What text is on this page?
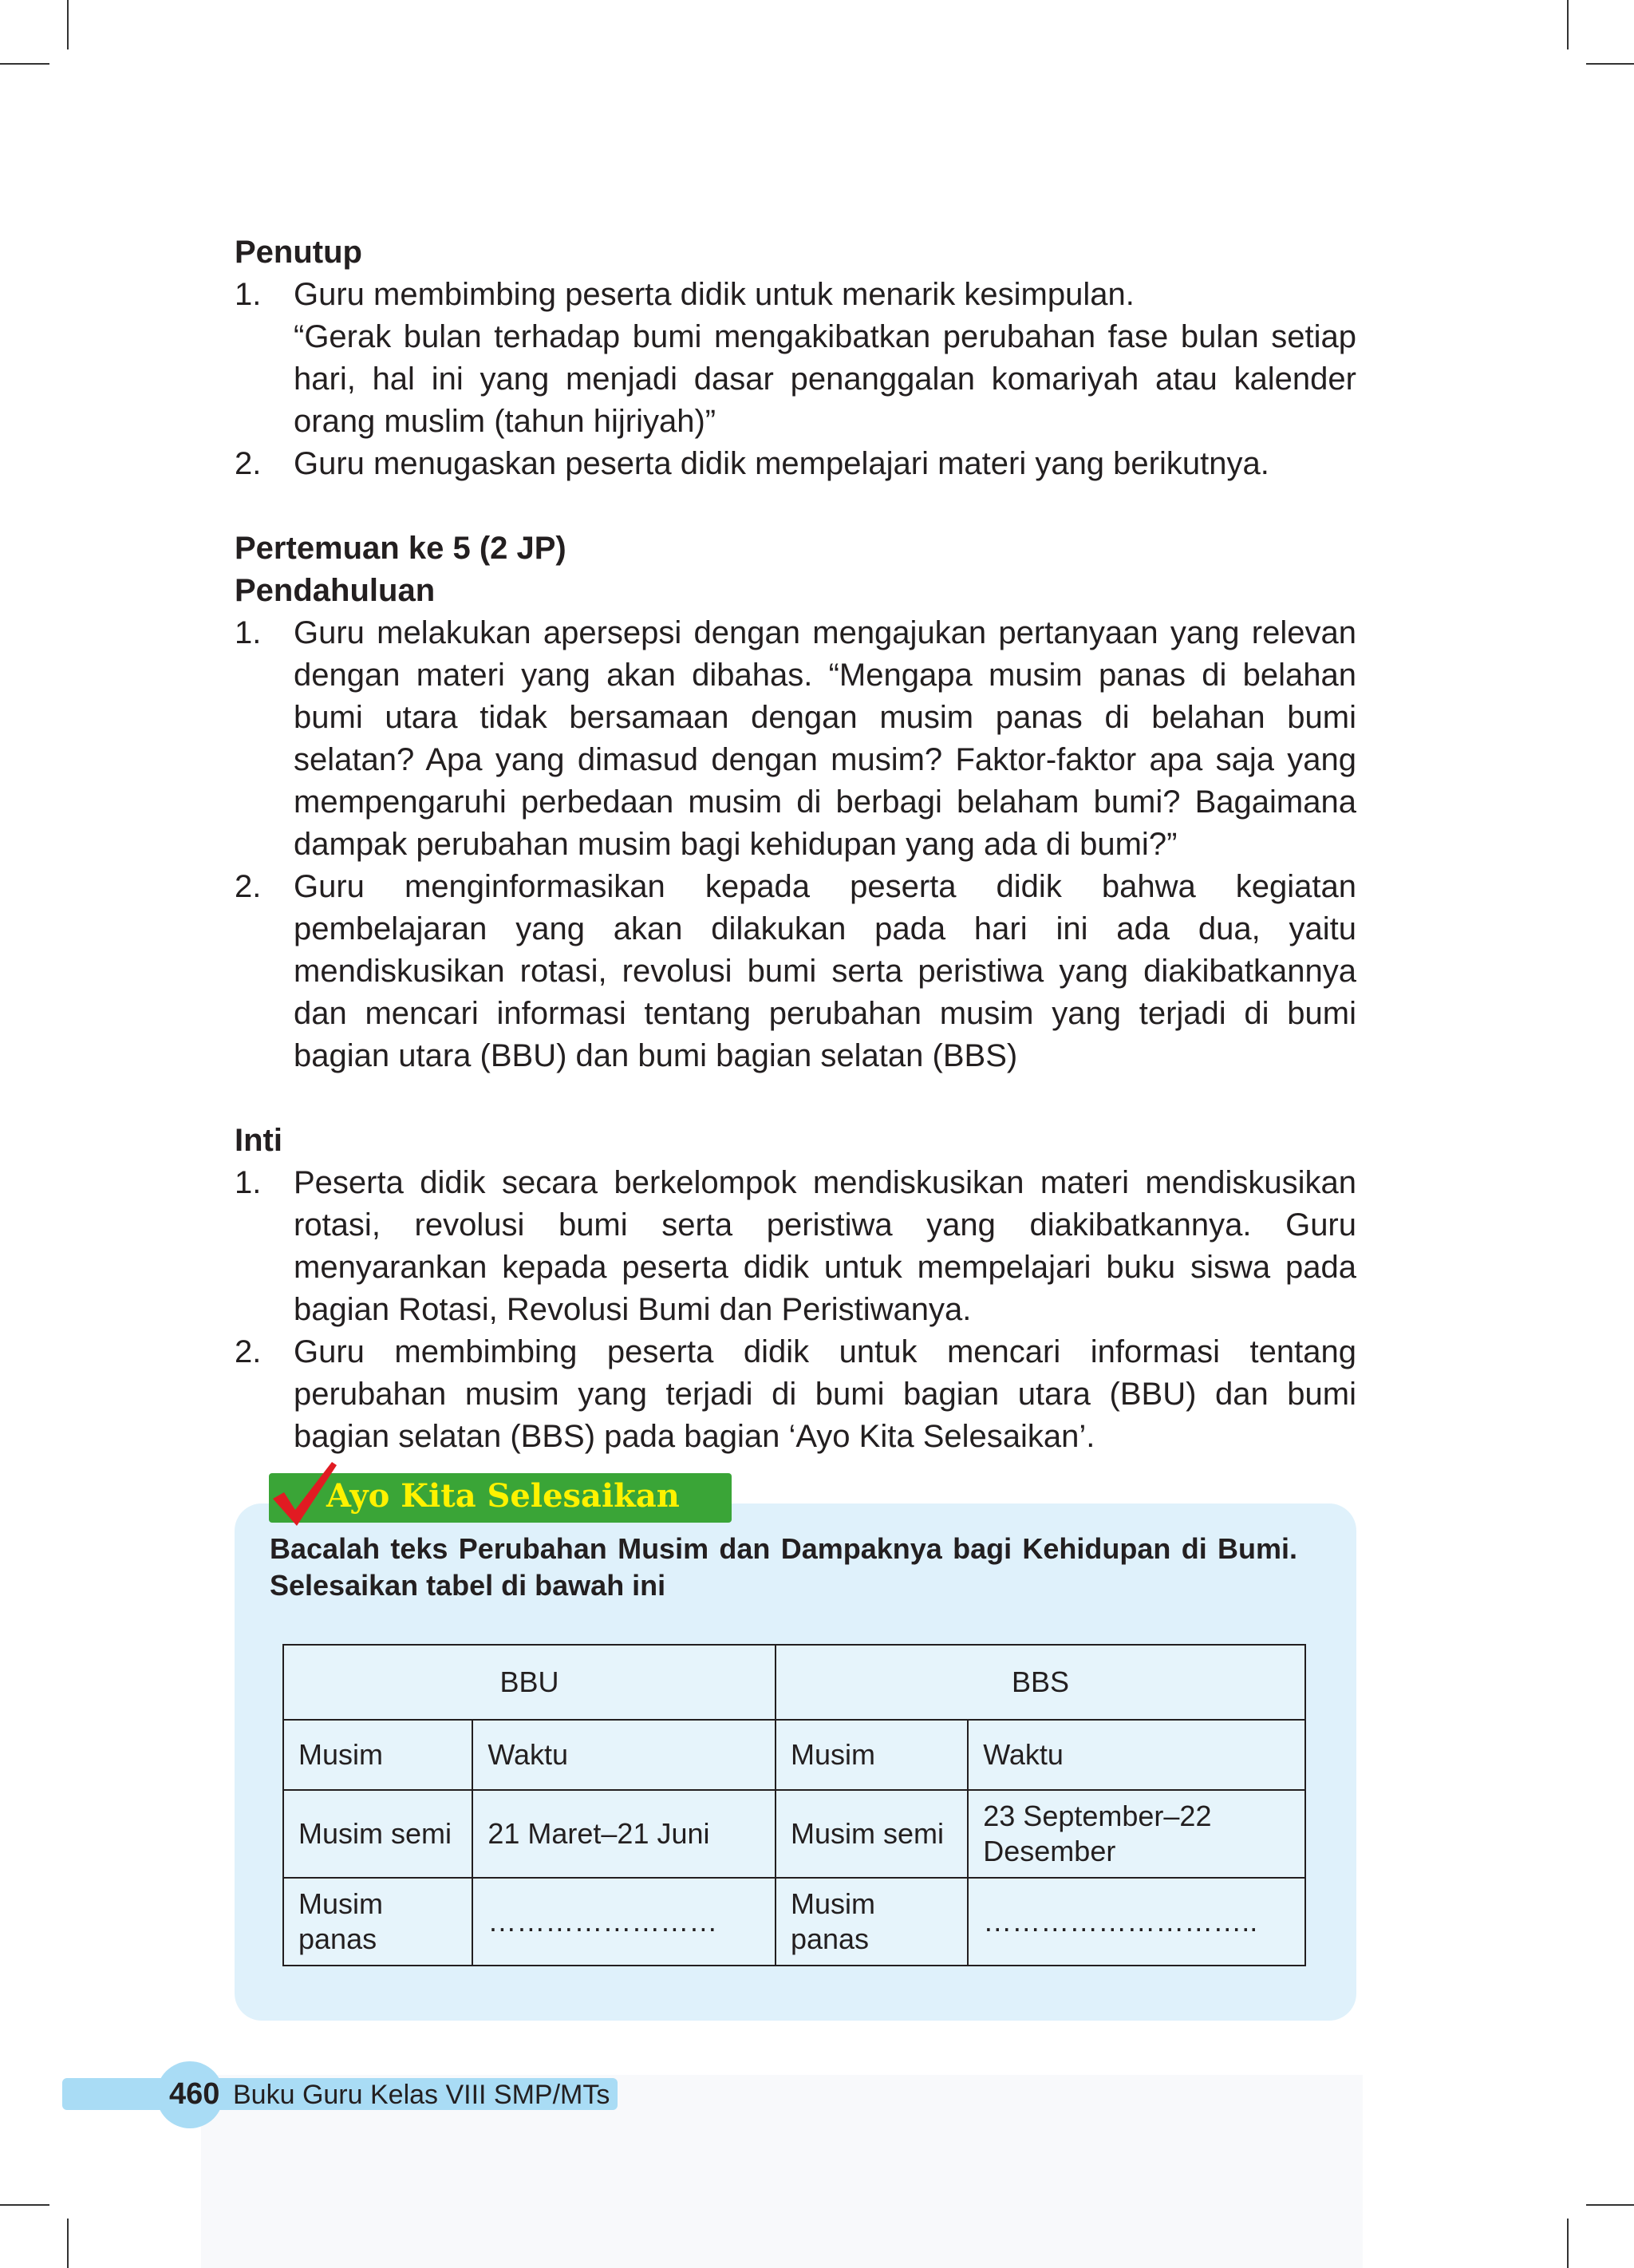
Penutup
1.	Guru membimbing peserta didik untuk menarik kesimpulan.
“Gerak bulan terhadap bumi mengakibatkan perubahan fase bulan setiap hari, hal ini yang menjadi dasar penanggalan komariyah atau kalender orang muslim (tahun hijriyah)”
2.	Guru menugaskan peserta didik mempelajari materi yang berikutnya.
Pertemuan ke 5 (2 JP)
Pendahuluan
1.	Guru melakukan apersepsi dengan mengajukan pertanyaan yang relevan dengan materi yang akan dibahas. “Mengapa musim panas di belahan bumi utara tidak bersamaan dengan musim panas di belahan bumi selatan? Apa yang dimasud dengan musim? Faktor-faktor apa saja yang mempengaruhi perbedaan musim di berbagi belaham bumi? Bagaimana dampak perubahan musim bagi kehidupan yang ada di bumi?”
2.	Guru menginformasikan kepada peserta didik bahwa kegiatan pembelajaran yang akan dilakukan pada hari ini ada dua, yaitu mendiskusikan rotasi, revolusi bumi serta peristiwa yang diakibatkannya dan mencari informasi tentang perubahan musim yang terjadi di bumi bagian utara (BBU) dan bumi bagian selatan (BBS)
Inti
1.	Peserta didik secara berkelompok mendiskusikan materi mendiskusikan rotasi, revolusi bumi serta peristiwa yang diakibatkannya. Guru menyarankan kepada peserta didik untuk mempelajari buku siswa pada bagian Rotasi, Revolusi Bumi dan Peristiwanya.
2.	Guru membimbing peserta didik untuk mencari informasi tentang perubahan musim yang terjadi di bumi bagian utara (BBU) dan bumi bagian selatan (BBS) pada bagian ‘Ayo Kita Selesaikan’.
Ayo Kita Selesaikan
Bacalah teks Perubahan Musim dan Dampaknya bagi Kehidupan di Bumi. Selesaikan tabel di bawah ini
BBU		BBS	
Musim	Waktu	Musim	Waktu
Musim semi	21 Maret–21 Juni	Musim semi	23 September–22 Desember
Musim panas	……………………	Musim panas	………………………..
460 Buku Guru Kelas VIII SMP/MTs
